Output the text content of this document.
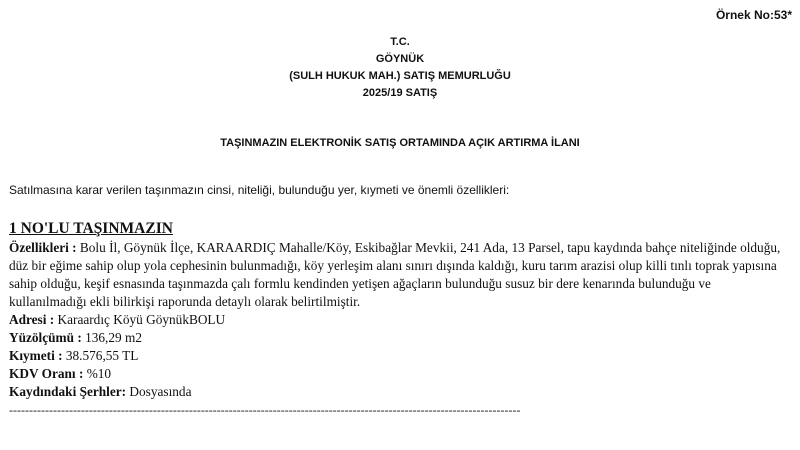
Örnek No:53*
T.C.
GÖYNÜK
(SULH HUKUK MAH.) SATIŞ MEMURLUĞU
2025/19 SATIŞ
TAŞINMAZIN ELEKTRONİK SATIŞ ORTAMINDA AÇIK ARTIRMA İLANI
Satılmasına karar verilen taşınmazın cinsi, niteliği, bulunduğu yer, kıymeti ve önemli özellikleri:
1 NO'LU TAŞINMAZIN

Özellikleri : Bolu İl, Göynük İlçe, KARAARDIÇ Mahalle/Köy, Eskibağlar Mevkii, 241 Ada, 13 Parsel, tapu kaydında bahçe niteliğinde olduğu, düz bir eğime sahip olup yola cephesinin bulunmadığı, köy yerleşim alanı sınırı dışında kaldığı, kuru tarım arazisi olup killi tınlı toprak yapısına sahip olduğu, keşif esnasında taşınmazda çalı formlu kendinden yetişen ağaçların bulunduğu susuz bir dere kenarında bulunduğu ve kullanılmadığı ekli bilirkişi raporunda detaylı olarak belirtilmiştir.

Adresi : Karaardıç Köyü GöynükBOLU

Yüzölçümü : 136,29 m2

Kıymeti : 38.576,55 TL

KDV Oranı : %10

Kaydındaki Şerhler: Dosyasında

--------------------------------------------------------------------------------------------------------------------------------
